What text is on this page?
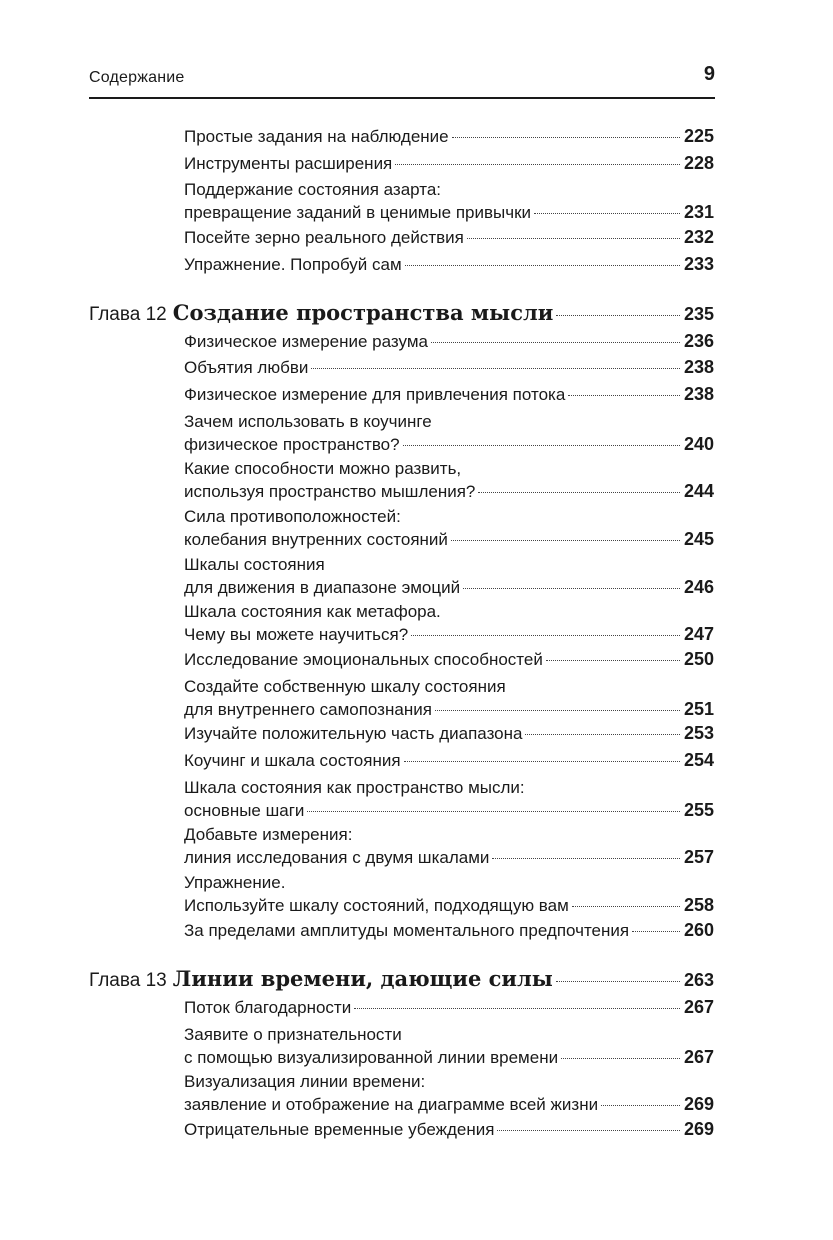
Содержание	9
Простые задания на наблюдение	225
Инструменты расширения	228
Поддержание состояния азарта:
превращение заданий в ценимые привычки	231
Посейте зерно реального действия	232
Упражнение. Попробуй сам	233
Глава 12 Создание пространства мысли	235
Физическое измерение разума	236
Объятия любви	238
Физическое измерение для привлечения потока	238
Зачем использовать в коучинге
физическое пространство?	240
Какие способности можно развить,
используя пространство мышления?	244
Сила противоположностей:
колебания внутренних состояний	245
Шкалы состояния
для движения в диапазоне эмоций	246
Шкала состояния как метафора.
Чему вы можете научиться?	247
Исследование эмоциональных способностей	250
Создайте собственную шкалу состояния
для внутреннего самопознания	251
Изучайте положительную часть диапазона	253
Коучинг и шкала состояния	254
Шкала состояния как пространство мысли:
основные шаги	255
Добавьте измерения:
линия исследования с двумя шкалами	257
Упражнение.
Используйте шкалу состояний, подходящую вам	258
За пределами амплитуды моментального предпочтения	260
Глава 13 Линии времени, дающие силы	263
Поток благодарности	267
Заявите о признательности
с помощью визуализированной линии времени	267
Визуализация линии времени:
заявление и отображение на диаграмме всей жизни	269
Отрицательные временные убеждения	269
